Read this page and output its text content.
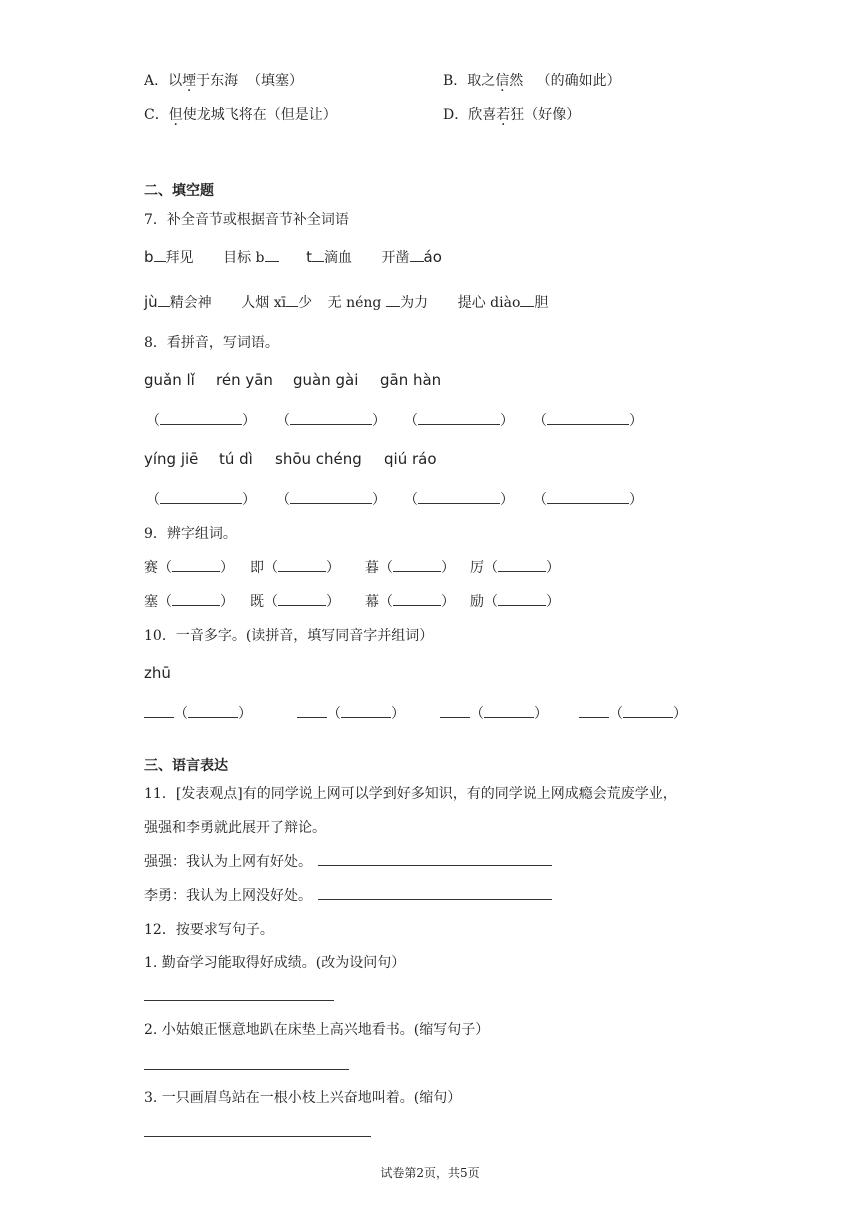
A．以堙于东海 （填塞）	B．取之信然 （的确如此）
C．但使龙城飞将在（但是让）	D．欣喜若狂（好像）
二、填空题
7．补全音节或根据音节补全词语
b 拜见 目标 b	t 滴血 开凿 áo
jù 精会神 人烟 xī 少 无 néng 为力 提心 diào 胆
8．看拼音，写词语。
guǎn lǐ rén yān guàn gài gān hàn
（	） （	） （	） （	）
yíng jiē tú dì shōu chéng qiú ráo
（	） （	） （	） （	）
9．辨字组词。
赛（	） 即（	） 暮（	） 厉（	）
塞（	） 既（	） 幕（	） 励（	）
10．一音多字。(读拼音，填写同音字并组词）
zhū
（	）	（	）	（	）	（	）
三、语言表达
11．[发表观点]有的同学说上网可以学到好多知识，有的同学说上网成瘾会荒废学业，
强强和李勇就此展开了辩论。
强强：我认为上网有好处。
李勇：我认为上网没好处。
12．按要求写句子。
1. 勤奋学习能取得好成绩。(改为设问句）
2. 小姑娘正惬意地趴在床垫上高兴地看书。(缩写句子）
3. 一只画眉鸟站在一根小枝上兴奋地叫着。(缩句）
试卷第2页，共5页
